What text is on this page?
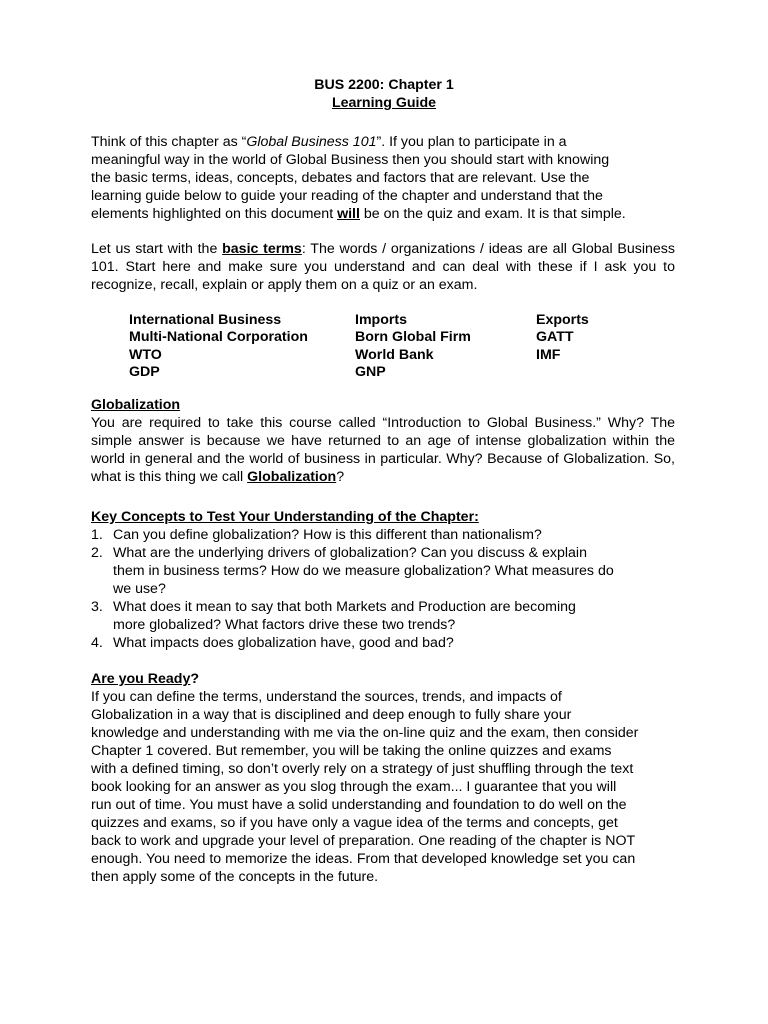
BUS 2200: Chapter 1
Learning Guide
Think of this chapter as “Global Business 101”. If you plan to participate in a
meaningful way in the world of Global Business then you should start with knowing
the basic terms, ideas, concepts, debates and factors that are relevant. Use the
learning guide below to guide your reading of the chapter and understand that the
elements highlighted on this document will be on the quiz and exam. It is that simple.

Let us start with the basic terms: The words / organizations / ideas are all Global Business 101. Start here and make sure you understand and can deal with these if I ask you to recognize, recall, explain or apply them on a quiz or an exam.

International Business	Imports	Exports
Multi-National Corporation	Born Global Firm	GATT
WTO	World Bank	IMF
GDP	GNP
Globalization

You are required to take this course called “Introduction to Global Business.” Why? The simple answer is because we have returned to an age of intense globalization within the world in general and the world of business in particular. Why? Because of Globalization. So, what is this thing we call Globalization?

Key Concepts to Test Your Understanding of the Chapter:
1. Can you define globalization? How is this different than nationalism?
2. What are the underlying drivers of globalization? Can you discuss & explain
them in business terms? How do we measure globalization? What measures do
we use?
3. What does it mean to say that both Markets and Production are becoming
more globalized? What factors drive these two trends?
4. What impacts does globalization have, good and bad?
Are you Ready?
If you can define the terms, understand the sources, trends, and impacts of
Globalization in a way that is disciplined and deep enough to fully share your
knowledge and understanding with me via the on-line quiz and the exam, then consider
Chapter 1 covered. But remember, you will be taking the online quizzes and exams
with a defined timing, so don’t overly rely on a strategy of just shuffling through the text
book looking for an answer as you slog through the exam... I guarantee that you will
run out of time. You must have a solid understanding and foundation to do well on the
quizzes and exams, so if you have only a vague idea of the terms and concepts, get
back to work and upgrade your level of preparation. One reading of the chapter is NOT
enough. You need to memorize the ideas. From that developed knowledge set you can
then apply some of the concepts in the future.
